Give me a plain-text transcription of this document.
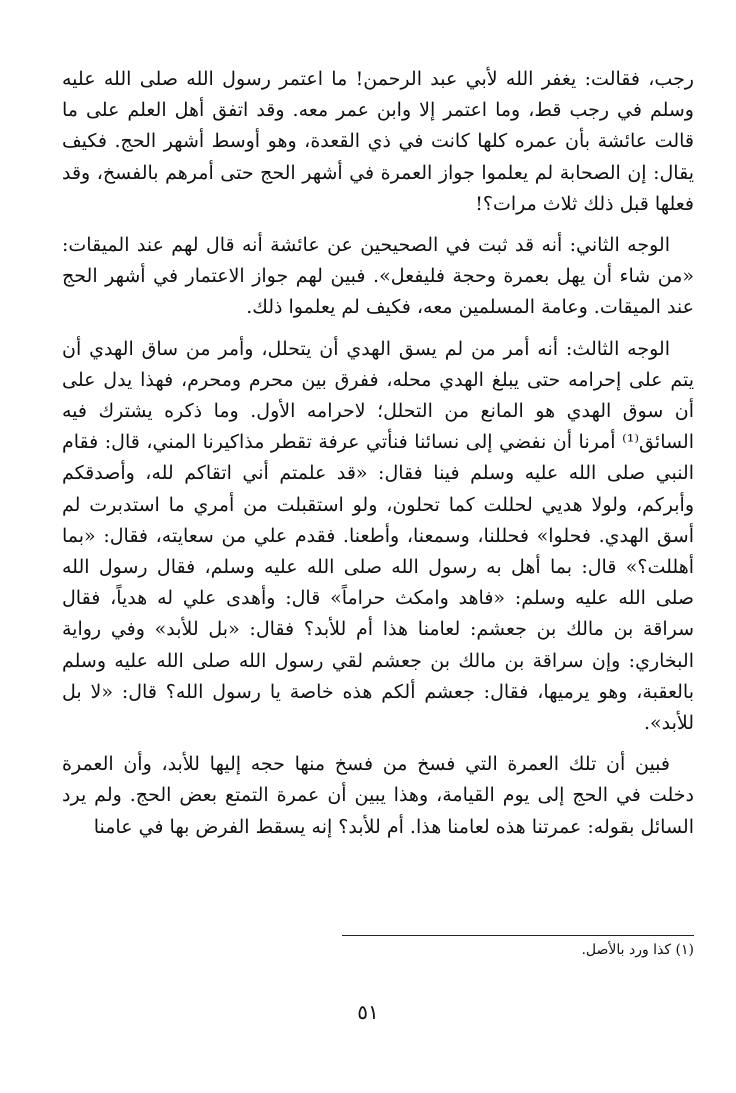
رجب، فقالت: يغفر الله لأبي عبد الرحمن! ما اعتمر رسول الله صلى الله عليه وسلم في رجب قط، وما اعتمر إلا وابن عمر معه. وقد اتفق أهل العلم على ما قالت عائشة بأن عمره كلها كانت في ذي القعدة، وهو أوسط أشهر الحج. فكيف يقال: إن الصحابة لم يعلموا جواز العمرة في أشهر الحج حتى أمرهم بالفسخ، وقد فعلها قبل ذلك ثلاث مرات؟!

الوجه الثاني: أنه قد ثبت في الصحيحين عن عائشة أنه قال لهم عند الميقات: «من شاء أن يهل بعمرة وحجة فليفعل». فبين لهم جواز الاعتمار في أشهر الحج عند الميقات. وعامة المسلمين معه، فكيف لم يعلموا ذلك.

الوجه الثالث: أنه أمر من لم يسق الهدي أن يتحلل، وأمر من ساق الهدي أن يتم على إحرامه حتى يبلغ الهدي محله، ففرق بين محرم ومحرم، فهذا يدل على أن سوق الهدي هو المانع من التحلل؛ لاحرامه الأول. وما ذكره يشترك فيه السائق⁽¹⁾ أمرنا أن نفضي إلى نسائنا فنأتي عرفة تقطر مذاكيرنا المني، قال: فقام النبي صلى الله عليه وسلم فينا فقال: «قد علمتم أني اتقاكم لله، وأصدقكم وأبركم، ولولا هديي لحللت كما تحلون، ولو استقبلت من أمري ما استدبرت لم أسق الهدي. فحلوا» فحللنا، وسمعنا، وأطعنا. فقدم علي من سعايته، فقال: «بما أهللت؟» قال: بما أهل به رسول الله صلى الله عليه وسلم، فقال رسول الله صلى الله عليه وسلم: «فاهد وامكث حراماً» قال: وأهدى علي له هدياً، فقال سراقة بن مالك بن جعشم: لعامنا هذا أم للأبد؟ فقال: «بل للأبد» وفي رواية البخاري: وإن سراقة بن مالك بن جعشم لقي رسول الله صلى الله عليه وسلم بالعقبة، وهو يرميها، فقال: جعشم ألكم هذه خاصة يا رسول الله؟ قال: «لا بل للأبد».

فبين أن تلك العمرة التي فسخ من فسخ منها حجه إليها للأبد، وأن العمرة دخلت في الحج إلى يوم القيامة، وهذا يبين أن عمرة التمتع بعض الحج. ولم يرد السائل بقوله: عمرتنا هذه لعامنا هذا. أم للأبد؟ إنه يسقط الفرض بها في عامنا

(١) كذا ورد بالأصل.
٥١
